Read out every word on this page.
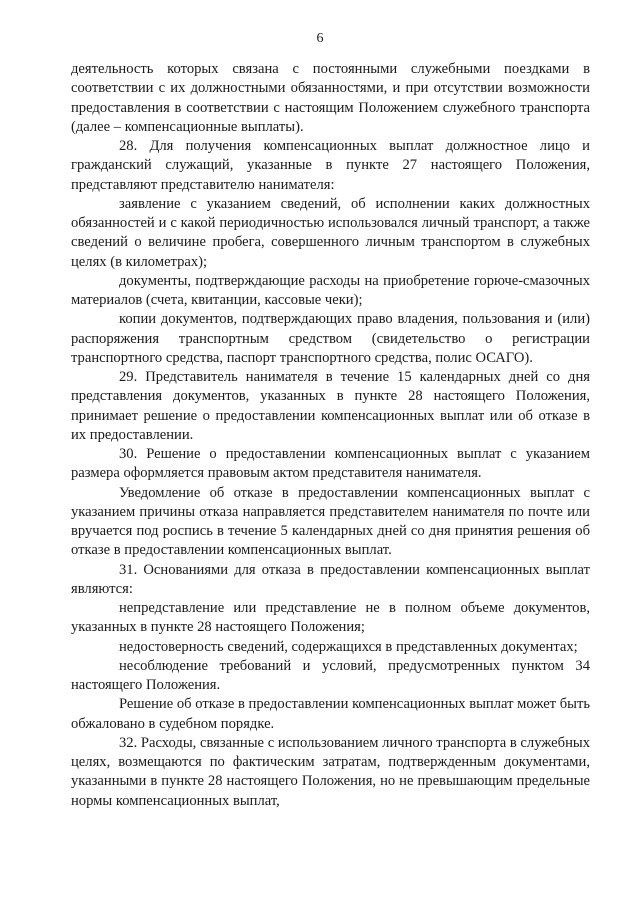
6

деятельность которых связана с постоянными служебными поездками в соответствии с их должностными обязанностями, и при отсутствии возможности предоставления в соответствии с настоящим Положением служебного транспорта (далее – компенсационные выплаты).

28. Для получения компенсационных выплат должностное лицо и гражданский служащий, указанные в пункте 27 настоящего Положения, представляют представителю нанимателя:

заявление с указанием сведений, об исполнении каких должностных обязанностей и с какой периодичностью использовался личный транспорт, а также сведений о величине пробега, совершенного личным транспортом в служебных целях (в километрах);

документы, подтверждающие расходы на приобретение горюче-смазочных материалов (счета, квитанции, кассовые чеки);

копии документов, подтверждающих право владения, пользования и (или) распоряжения транспортным средством (свидетельство о регистрации транспортного средства, паспорт транспортного средства, полис ОСАГО).

29. Представитель нанимателя в течение 15 календарных дней со дня представления документов, указанных в пункте 28 настоящего Положения, принимает решение о предоставлении компенсационных выплат или об отказе в их предоставлении.

30. Решение о предоставлении компенсационных выплат с указанием размера оформляется правовым актом представителя нанимателя.

Уведомление об отказе в предоставлении компенсационных выплат с указанием причины отказа направляется представителем нанимателя по почте или вручается под роспись в течение 5 календарных дней со дня принятия решения об отказе в предоставлении компенсационных выплат.

31. Основаниями для отказа в предоставлении компенсационных выплат являются:

непредставление или представление не в полном объеме документов, указанных в пункте 28 настоящего Положения;

недостоверность сведений, содержащихся в представленных документах;

несоблюдение требований и условий, предусмотренных пунктом 34 настоящего Положения.

Решение об отказе в предоставлении компенсационных выплат может быть обжаловано в судебном порядке.

32. Расходы, связанные с использованием личного транспорта в служебных целях, возмещаются по фактическим затратам, подтвержденным документами, указанными в пункте 28 настоящего Положения, но не превышающим предельные нормы компенсационных выплат,
